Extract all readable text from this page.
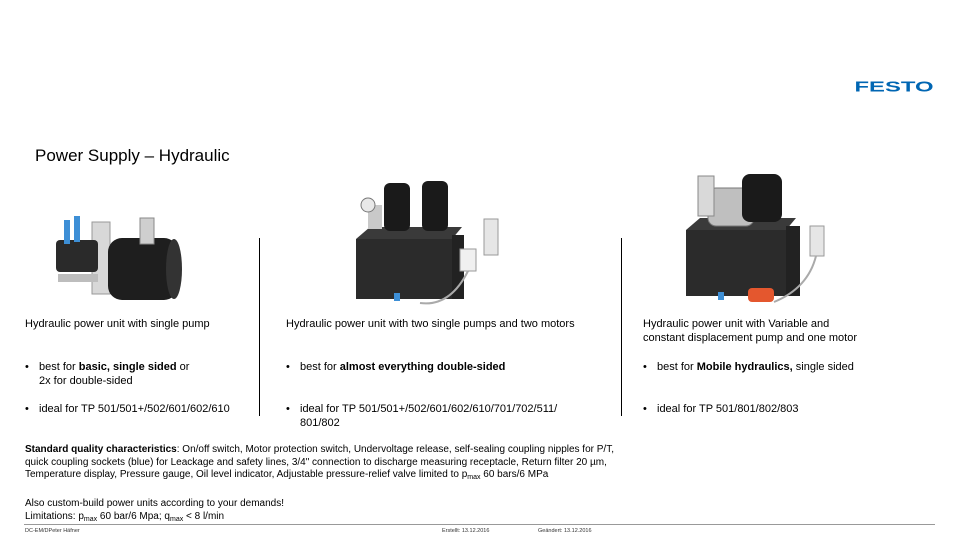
FESTO
Power Supply – Hydraulic
Hydraulic power unit with single pump
• best for basic, single sided or
2x for double-sided
• ideal for TP 501/501+/502/601/602/610
Hydraulic power unit with two single pumps and two motors
• best for almost everything double-sided
• ideal for TP 501/501+/502/601/602/610/701/702/511/
801/802
Hydraulic power unit with Variable and
constant displacement pump and one motor
• best for Mobile hydraulics, single sided
• ideal for TP 501/801/802/803
Standard quality characteristics: On/off switch, Motor protection switch, Undervoltage release, self-sealing coupling nipples for P/T,
quick coupling sockets (blue) for Leackage and safety lines, 3/4" connection to discharge measuring receptacle, Return filter 20 µm,
Temperature display, Pressure gauge, Oil level indicator, Adjustable pressure-relief valve limited to $p_{max}$ 60 bars/6 MPa
Also custom-build power units according to your demands!
Limitations: $p_{max}$ 60 bar/6 Mpa; $q_{max} < 8$ l/min
DC-EM/DPeter Häfner	Erstellt: 13.12.2016	Geändert: 13.12.2016
